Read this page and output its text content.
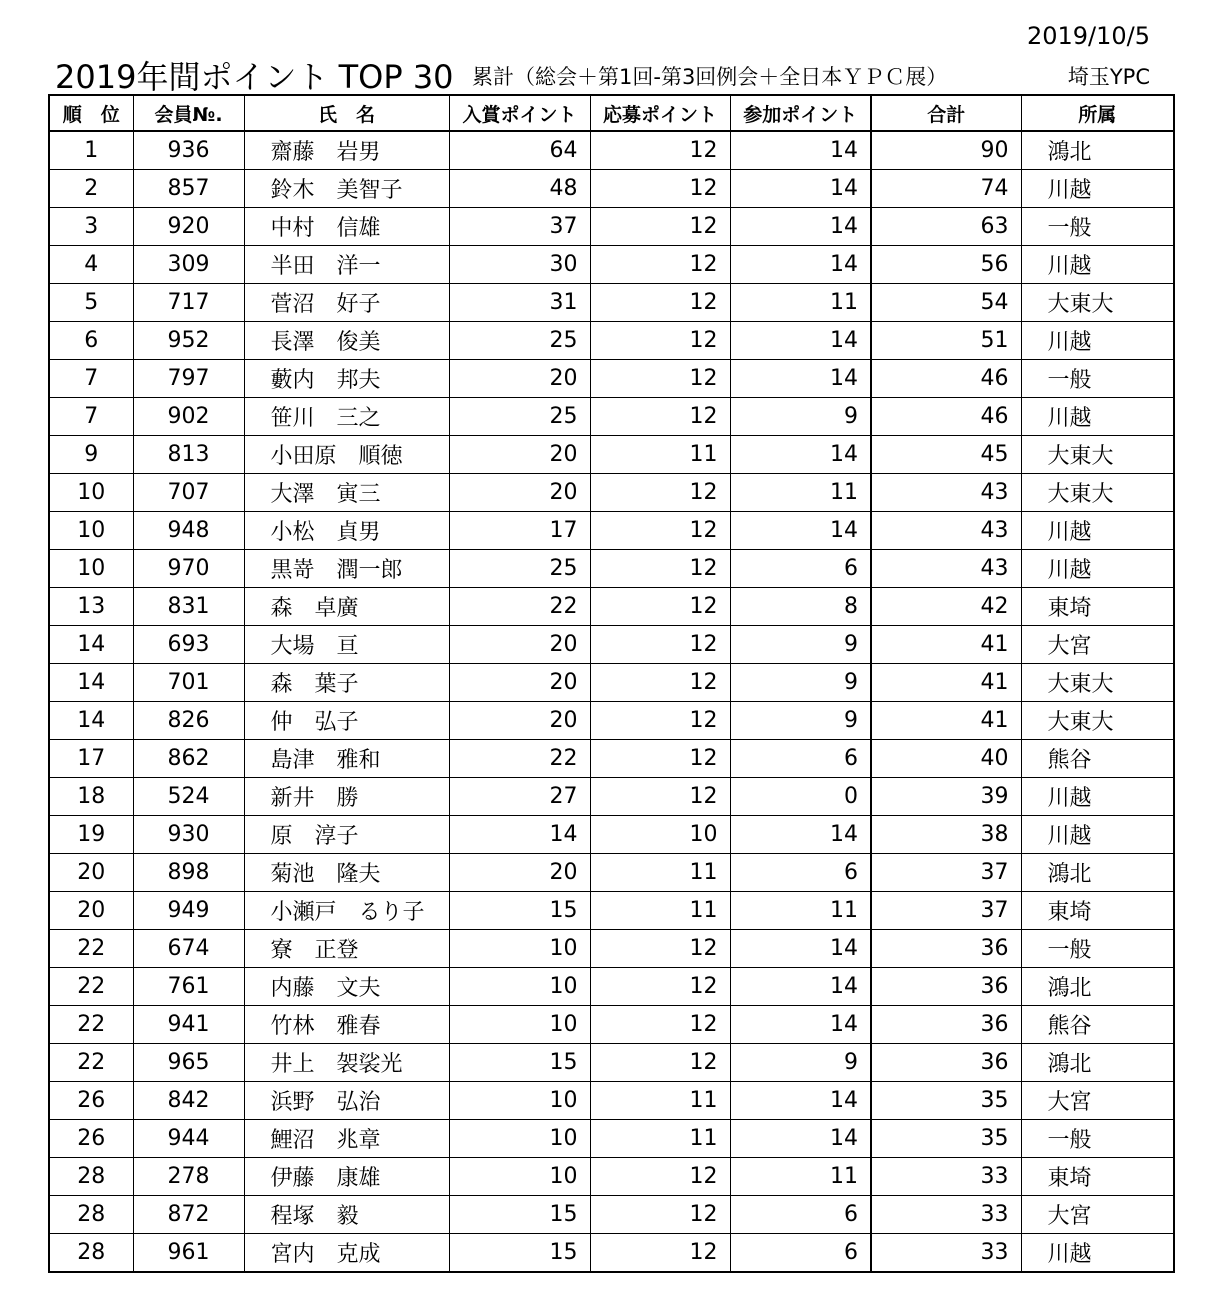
2019/10/5
2019年間ポイント TOP 30 累計（総会＋第1回-第3回例会＋全日本ＹＰＣ展）	埼玉YPC
順　位	会員№.	氏　名	入賞ポイント	応募ポイント	参加ポイント	合計	所属
1	936	齋藤　岩男	64	12	14	90	鴻北
2	857	鈴木　美智子	48	12	14	74	川越
3	920	中村　信雄	37	12	14	63	一般
4	309	半田　洋一	30	12	14	56	川越
5	717	菅沼　好子	31	12	11	54	大東大
6	952	長澤　俊美	25	12	14	51	川越
7	797	藪内　邦夫	20	12	14	46	一般
7	902	笹川　三之	25	12	9	46	川越
9	813	小田原　順徳	20	11	14	45	大東大
10	707	大澤　寅三	20	12	11	43	大東大
10	948	小松　貞男	17	12	14	43	川越
10	970	黒嵜　潤一郎	25	12	6	43	川越
13	831	森　卓廣	22	12	8	42	東埼
14	693	大場　亘	20	12	9	41	大宮
14	701	森　葉子	20	12	9	41	大東大
14	826	仲　弘子	20	12	9	41	大東大
17	862	島津　雅和	22	12	6	40	熊谷
18	524	新井　勝	27	12	0	39	川越
19	930	原　淳子	14	10	14	38	川越
20	898	菊池　隆夫	20	11	6	37	鴻北
20	949	小瀬戸　るり子	15	11	11	37	東埼
22	674	寮　正登	10	12	14	36	一般
22	761	内藤　文夫	10	12	14	36	鴻北
22	941	竹林　雅春	10	12	14	36	熊谷
22	965	井上　袈裟光	15	12	9	36	鴻北
26	842	浜野　弘治	10	11	14	35	大宮
26	944	鯉沼　兆章	10	11	14	35	一般
28	278	伊藤　康雄	10	12	11	33	東埼
28	872	程塚　毅	15	12	6	33	大宮
28	961	宮内　克成	15	12	6	33	川越
